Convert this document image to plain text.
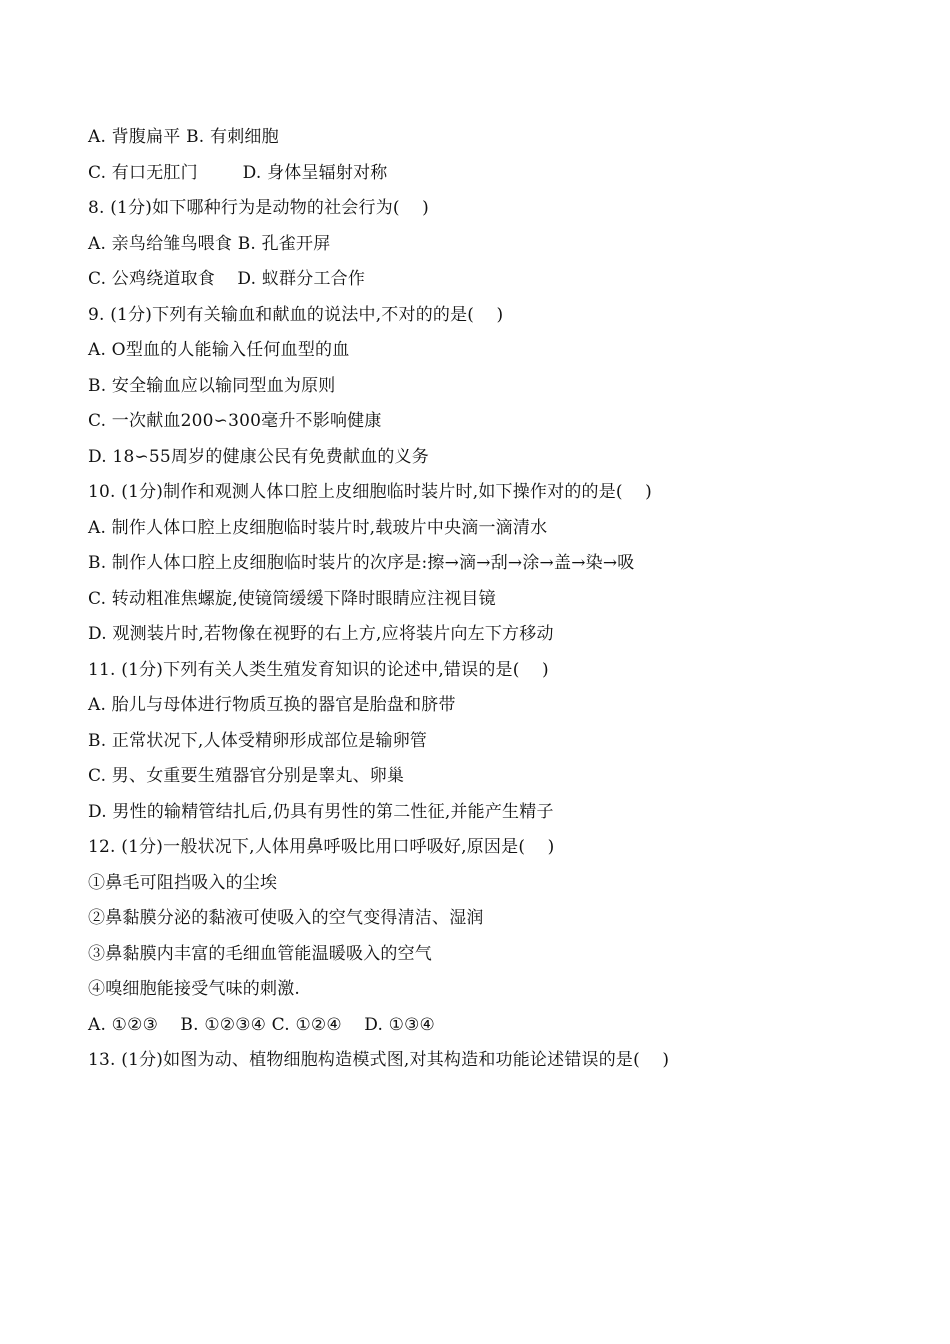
A. 背腹扁平 B. 有刺细胞
C. 有口无肛门        D. 身体呈辐射对称
8. (1分)如下哪种行为是动物的社会行为(    )
A. 亲鸟给雏鸟喂食 B. 孔雀开屏
C. 公鸡绕道取食    D. 蚁群分工合作
9. (1分)下列有关输血和献血的说法中,不对的的是(    )
A. O型血的人能输入任何血型的血
B. 安全输血应以输同型血为原则
C. 一次献血200∽300毫升不影响健康
D. 18∽55周岁的健康公民有免费献血的义务
10. (1分)制作和观测人体口腔上皮细胞临时装片时,如下操作对的的是(    )
A. 制作人体口腔上皮细胞临时装片时,载玻片中央滴一滴清水
B. 制作人体口腔上皮细胞临时装片的次序是:擦→滴→刮→涂→盖→染→吸
C. 转动粗准焦螺旋,使镜筒缓缓下降时眼睛应注视目镜
D. 观测装片时,若物像在视野的右上方,应将装片向左下方移动
11. (1分)下列有关人类生殖发育知识的论述中,错误的是(    )
A. 胎儿与母体进行物质互换的器官是胎盘和脐带
B. 正常状况下,人体受精卵形成部位是输卵管
C. 男、女重要生殖器官分别是睾丸、卵巢
D. 男性的输精管结扎后,仍具有男性的第二性征,并能产生精子
12. (1分)一般状况下,人体用鼻呼吸比用口呼吸好,原因是(    )
①鼻毛可阻挡吸入的尘埃
②鼻黏膜分泌的黏液可使吸入的空气变得清洁、湿润
③鼻黏膜内丰富的毛细血管能温暖吸入的空气
④嗅细胞能接受气味的刺激.
A. ①②③    B. ①②③④ C. ①②④    D. ①③④
13. (1分)如图为动、植物细胞构造模式图,对其构造和功能论述错误的是(    )
